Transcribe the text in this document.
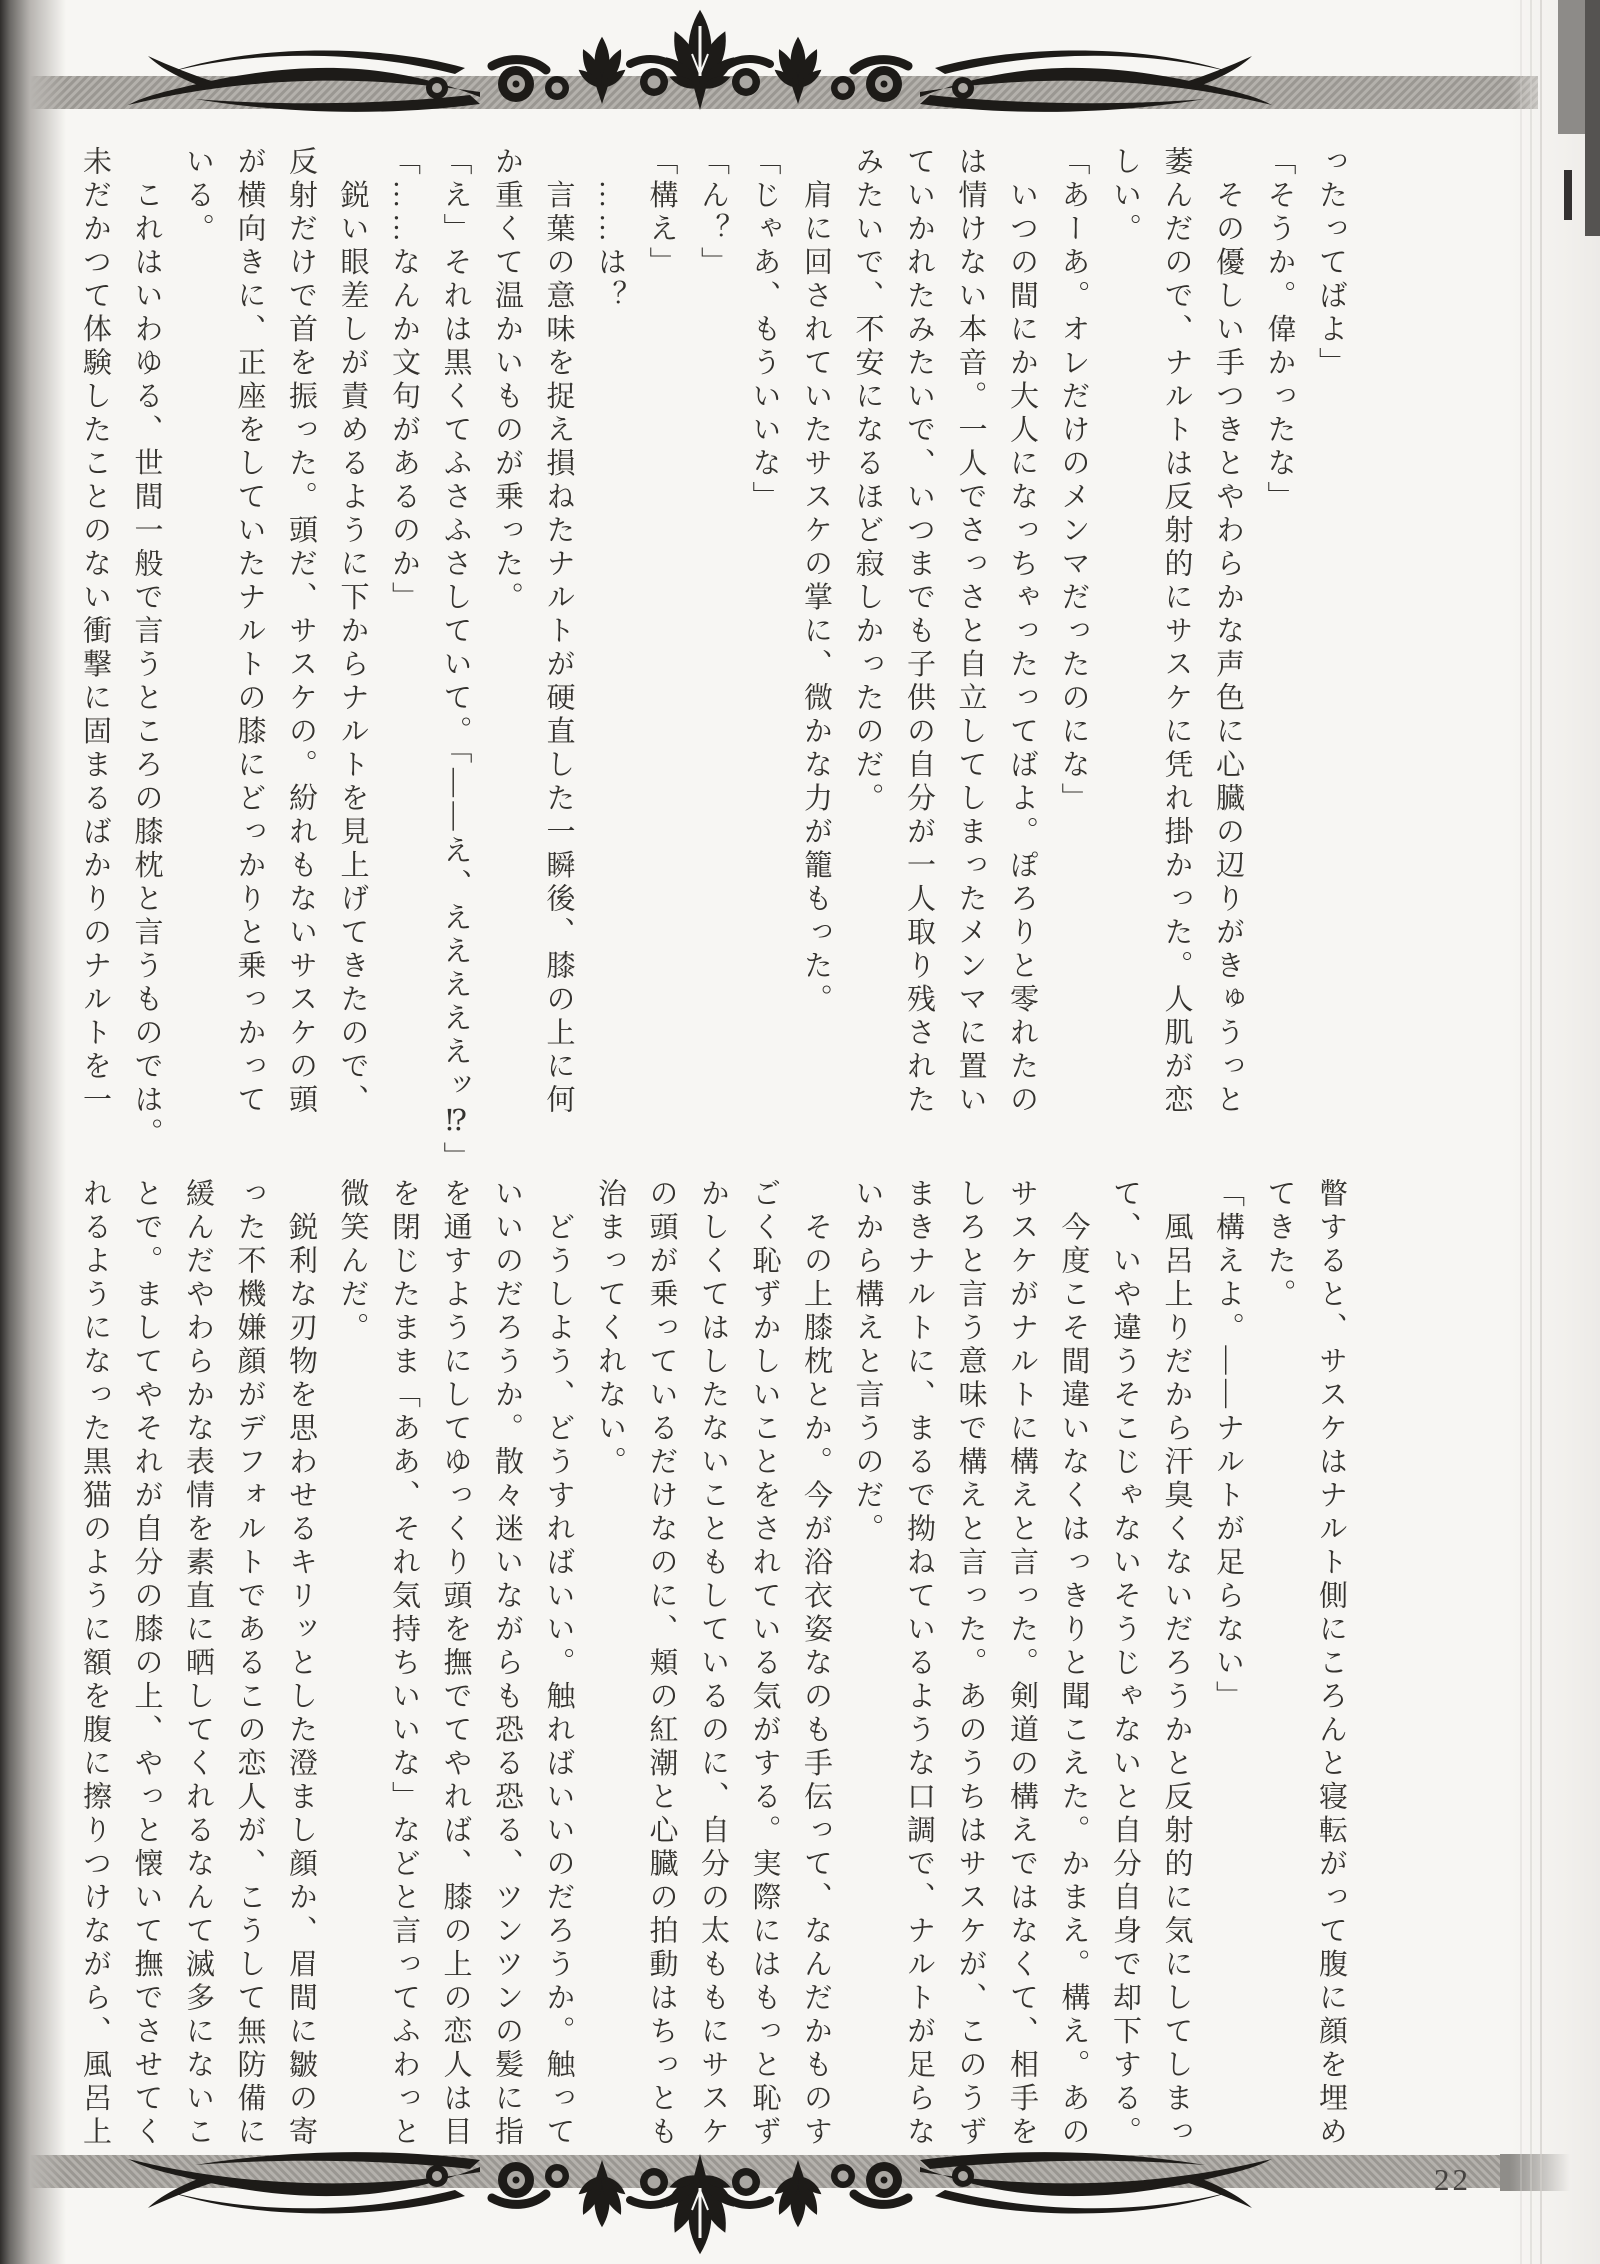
ったってばよ」

「そうか。偉かったな」

　その優しい手つきとやわらかな声色に心臓の辺りがきゅうっと

萎んだので、ナルトは反射的にサスケに凭れ掛かった。人肌が恋

しい。

「あーあ。オレだけのメンマだったのにな」

　いつの間にか大人になっちゃったってばよ。ぽろりと零れたの

は情けない本音。一人でさっさと自立してしまったメンマに置い

ていかれたみたいで、いつまでも子供の自分が一人取り残された

みたいで、不安になるほど寂しかったのだ。

　肩に回されていたサスケの掌に、微かな力が籠もった。

「じゃあ、もういいな」

「ん？」

「構え」

　……は？

　言葉の意味を捉え損ねたナルトが硬直した一瞬後、膝の上に何

か重くて温かいものが乗った。

「え」それは黒くてふさふさしていて。「――え、えええええッ⁉」

「……なんか文句があるのか」

　鋭い眼差しが責めるように下からナルトを見上げてきたので、

反射だけで首を振った。頭だ、サスケの。紛れもないサスケの頭

が横向きに、正座をしていたナルトの膝にどっかりと乗っかって

いる。

　これはいわゆる、世間一般で言うところの膝枕と言うものでは。

未だかつて体験したことのない衝撃に固まるばかりのナルトを一

瞥すると、サスケはナルト側にころんと寝転がって腹に顔を埋め

てきた。

「構えよ。――ナルトが足らない」

　風呂上りだから汗臭くないだろうかと反射的に気にしてしまっ

て、いや違うそこじゃないそうじゃないと自分自身で却下する。

　今度こそ間違いなくはっきりと聞こえた。かまえ。構え。あの

サスケがナルトに構えと言った。剣道の構えではなくて、相手を

しろと言う意味で構えと言った。あのうちはサスケが、このうず

まきナルトに、まるで拗ねているような口調で、ナルトが足らな

いから構えと言うのだ。

　その上膝枕とか。今が浴衣姿なのも手伝って、なんだかものす

ごく恥ずかしいことをされている気がする。実際にはもっと恥ず

かしくてはしたないこともしているのに、自分の太ももにサスケ

の頭が乗っているだけなのに、頬の紅潮と心臓の拍動はちっとも

治まってくれない。

　どうしよう、どうすればいい。触ればいいのだろうか。触って

いいのだろうか。散々迷いながらも恐る恐る、ツンツンの髪に指

を通すようにしてゆっくり頭を撫でてやれば、膝の上の恋人は目

を閉じたまま「ああ、それ気持ちいいな」などと言ってふわっと

微笑んだ。

　鋭利な刃物を思わせるキリッとした澄まし顔か、眉間に皺の寄

った不機嫌顔がデフォルトであるこの恋人が、こうして無防備に

緩んだやわらかな表情を素直に晒してくれるなんて滅多にないこ

とで。ましてやそれが自分の膝の上、やっと懐いて撫でさせてく

れるようになった黒猫のように額を腹に擦りつけながら、風呂上

22
